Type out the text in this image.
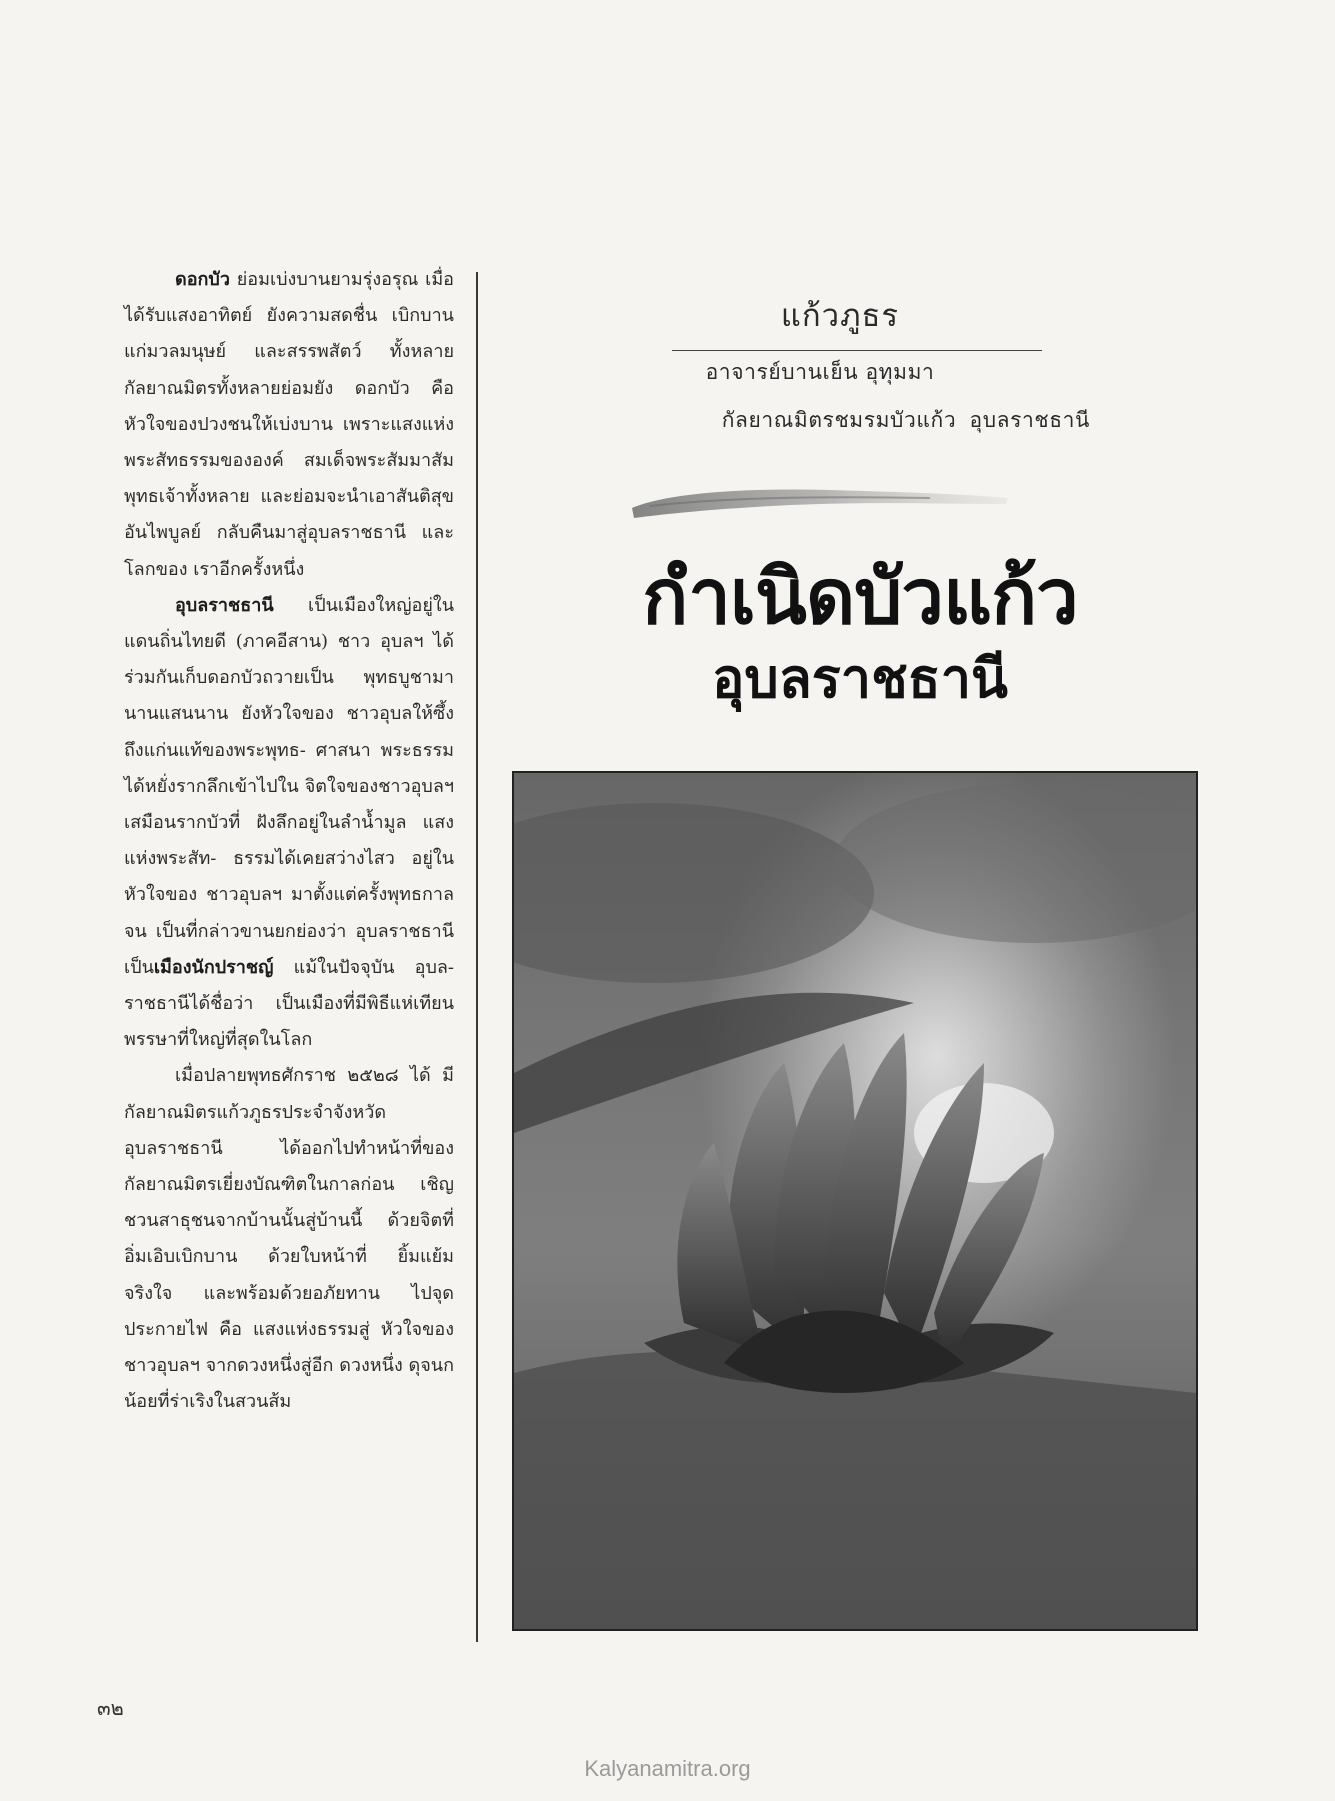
ดอกบัว ย่อมเบ่งบานยามรุ่งอรุณ เมื่อได้รับแสงอาทิตย์ ยังความสดชื่น เบิกบานแก่มวลมนุษย์ และสรรพสัตว์ ทั้งหลาย กัลยาณมิตรทั้งหลายย่อมยัง ดอกบัว คือ หัวใจของปวงชนให้เบ่งบาน เพราะแสงแห่งพระสัทธรรมขององค์ สมเด็จพระสัมมาสัมพุทธเจ้าทั้งหลาย และย่อมจะนำเอาสันติสุขอันไพบูลย์ กลับคืนมาสู่อุบลราชธานี และโลกของ เราอีกครั้งหนึ่ง

อุบลราชธานี เป็นเมืองใหญ่อยู่ใน แดนถิ่นไทยดี (ภาคอีสาน) ชาว อุบลฯ ได้ร่วมกันเก็บดอกบัวถวายเป็น พุทธบูชามานานแสนนาน ยังหัวใจของ ชาวอุบลให้ซึ้งถึงแก่นแท้ของพระพุทธ- ศาสนา พระธรรมได้หยั่งรากลึกเข้าไปใน จิตใจของชาวอุบลฯ เสมือนรากบัวที่ ฝังลึกอยู่ในลำน้ำมูล แสงแห่งพระสัท- ธรรมได้เคยสว่างไสว อยู่ในหัวใจของ ชาวอุบลฯ มาตั้งแต่ครั้งพุทธกาล จน เป็นที่กล่าวขานยกย่องว่า อุบลราชธานี เป็นเมืองนักปราชญ์ แม้ในปัจจุบัน อุบล- ราชธานีได้ชื่อว่า เป็นเมืองที่มีพิธีแห่เทียน พรรษาที่ใหญ่ที่สุดในโลก

เมื่อปลายพุทธศักราช ๒๕๒๘ ได้ มีกัลยาณมิตรแก้วภูธรประจำจังหวัด อุบลราชธานี ได้ออกไปทำหน้าที่ของ กัลยาณมิตรเยี่ยงบัณฑิตในกาลก่อน เชิญชวนสาธุชนจากบ้านนั้นสู่บ้านนี้ ด้วยจิตที่อิ่มเอิบเบิกบาน ด้วยใบหน้าที่ ยิ้มแย้ม จริงใจ และพร้อมด้วยอภัยทาน ไปจุดประกายไฟ คือ แสงแห่งธรรมสู่ หัวใจของชาวอุบลฯ จากดวงหนึ่งสู่อีก ดวงหนึ่ง ดุจนกน้อยที่ร่าเริงในสวนส้ม

แก้วภูธร
อาจารย์บานเย็น อุทุมมา
กัลยาณมิตรชมรมบัวแก้ว อุบลราชธานี
กำเนิดบัวแก้ว
อุบลราชธานี
๓๒
Kalyanamitra.org
